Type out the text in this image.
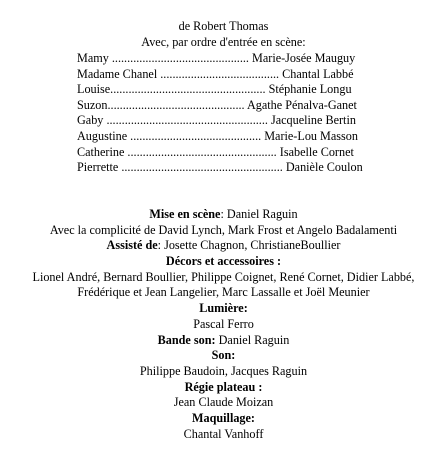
de Robert Thomas
Avec, par ordre d'entrée en scène:
Mamy ............................................. Marie-Josée Mauguy
Madame Chanel ....................................... Chantal Labbé
Louise................................................... Stéphanie Longu
Suzon............................................. Agathe Pénalva-Ganet
Gaby ..................................................... Jacqueline Bertin
Augustine ........................................... Marie-Lou Masson
Catherine ................................................. Isabelle Cornet
Pierrette ..................................................... Danièle Coulon
Mise en scène: Daniel Raguin
Avec la complicité de David Lynch, Mark Frost et Angelo Badalamenti
Assisté de: Josette Chagnon, ChristianeBoullier
Décors et accessoires :
Lionel André, Bernard Boullier, Philippe Coignet, René Cornet, Didier Labbé,
Frédérique et Jean Langelier, Marc Lassalle et Joël Meunier
Lumière:
Pascal Ferro
Bande son: Daniel Raguin
Son:
Philippe Baudoin, Jacques Raguin
Régie plateau :
Jean Claude Moizan
Maquillage:
Chantal Vanhoff
